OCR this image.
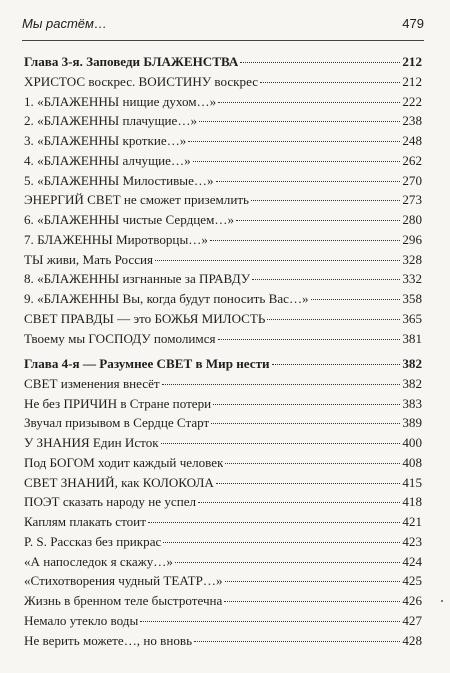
Мы растём…	479
Глава 3-я. Заповеди БЛАЖЕНСТВА	212
ХРИСТОС воскрес. ВОИСТИНУ воскрес	212
1. «БЛАЖЕННЫ нищие духом…»	222
2. «БЛАЖЕННЫ плачущие…»	238
3. «БЛАЖЕННЫ кроткие…»	248
4. «БЛАЖЕННЫ алчущие…»	262
5. «БЛАЖЕННЫ Милостивые…»	270
ЭНЕРГИЙ СВЕТ не сможет приземлить	273
6. «БЛАЖЕННЫ чистые Сердцем…»	280
7. БЛАЖЕННЫ Миротворцы…»	296
ТЫ живи, Мать Россия	328
8. «БЛАЖЕННЫ изгнанные за ПРАВДУ	332
9. «БЛАЖЕННЫ Вы, когда будут поносить Вас…»	358
СВЕТ ПРАВДЫ — это БОЖЬЯ МИЛОСТЬ	365
Твоему мы ГОСПОДУ помолимся	381
Глава 4-я — Разумнее СВЕТ в Мир нести	382
СВЕТ изменения внесёт	382
Не без ПРИЧИН в Стране потери	383
Звучал призывом в Сердце Старт	389
У ЗНАНИЯ Един Исток	400
Под БОГОМ ходит каждый человек	408
СВЕТ ЗНАНИЙ, как КОЛОКОЛА	415
ПОЭТ сказать народу не успел	418
Каплям плакать стоит	421
P. S. Рассказ без прикрас	423
«А напоследок я скажу…»	424
«Стихотворения чудный ТЕАТР…»	425
Жизнь в бренном теле быстротечна	426
Немало утекло воды	427
Не верить можете…, но вновь	428
